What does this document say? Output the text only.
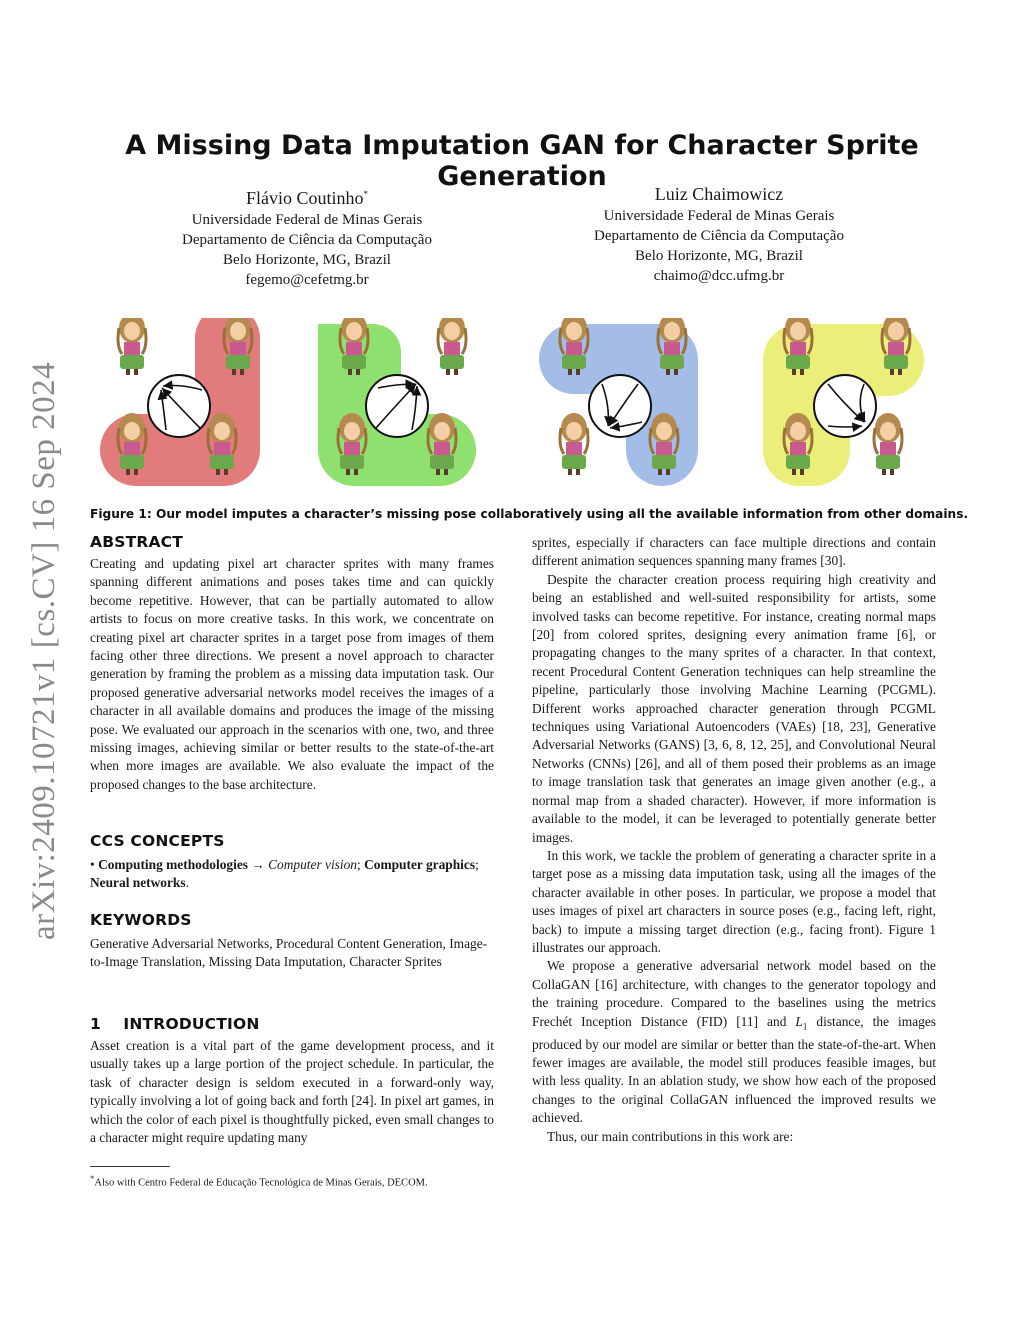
arXiv:2409.10721v1 [cs.CV] 16 Sep 2024
A Missing Data Imputation GAN for Character Sprite Generation
Flávio Coutinho*
Universidade Federal de Minas Gerais
Departamento de Ciência da Computação
Belo Horizonte, MG, Brazil
fegemo@cefetmg.br
Luiz Chaimowicz
Universidade Federal de Minas Gerais
Departamento de Ciência da Computação
Belo Horizonte, MG, Brazil
chaimo@dcc.ufmg.br
Figure 1: Our model imputes a character’s missing pose collaboratively using all the available information from other domains.
ABSTRACT
Creating and updating pixel art character sprites with many frames spanning different animations and poses takes time and can quickly become repetitive. However, that can be partially automated to allow artists to focus on more creative tasks. In this work, we concentrate on creating pixel art character sprites in a target pose from images of them facing other three directions. We present a novel approach to character generation by framing the problem as a missing data imputation task. Our proposed generative adversarial networks model receives the images of a character in all available domains and produces the image of the missing pose. We evaluated our approach in the scenarios with one, two, and three missing images, achieving similar or better results to the state-of-the-art when more images are available. We also evaluate the impact of the proposed changes to the base architecture.
CCS CONCEPTS
• Computing methodologies → Computer vision; Computer graphics; Neural networks.
KEYWORDS
Generative Adversarial Networks, Procedural Content Generation, Image-to-Image Translation, Missing Data Imputation, Character Sprites
1 INTRODUCTION
Asset creation is a vital part of the game development process, and it usually takes up a large portion of the project schedule. In particular, the task of character design is seldom executed in a forward-only way, typically involving a lot of going back and forth [24]. In pixel art games, in which the color of each pixel is thoughtfully picked, even small changes to a character might require updating many
*Also with Centro Federal de Educação Tecnológica de Minas Gerais, DECOM.
sprites, especially if characters can face multiple directions and contain different animation sequences spanning many frames [30].
Despite the character creation process requiring high creativity and being an established and well-suited responsibility for artists, some involved tasks can become repetitive. For instance, creating normal maps [20] from colored sprites, designing every animation frame [6], or propagating changes to the many sprites of a character. In that context, recent Procedural Content Generation techniques can help streamline the pipeline, particularly those involving Machine Learning (PCGML). Different works approached character generation through PCGML techniques using Variational Autoencoders (VAEs) [18, 23], Generative Adversarial Networks (GANS) [3, 6, 8, 12, 25], and Convolutional Neural Networks (CNNs) [26], and all of them posed their problems as an image to image translation task that generates an image given another (e.g., a normal map from a shaded character). However, if more information is available to the model, it can be leveraged to potentially generate better images.
In this work, we tackle the problem of generating a character sprite in a target pose as a missing data imputation task, using all the images of the character available in other poses. In particular, we propose a model that uses images of pixel art characters in source poses (e.g., facing left, right, back) to impute a missing target direction (e.g., facing front). Figure 1 illustrates our approach.
We propose a generative adversarial network model based on the CollaGAN [16] architecture, with changes to the generator topology and the training procedure. Compared to the baselines using the metrics Frechét Inception Distance (FID) [11] and $L_1$ distance, the images produced by our model are similar or better than the state-of-the-art. When fewer images are available, the model still produces feasible images, but with less quality. In an ablation study, we show how each of the proposed changes to the original CollaGAN influenced the improved results we achieved.
Thus, our main contributions in this work are:
